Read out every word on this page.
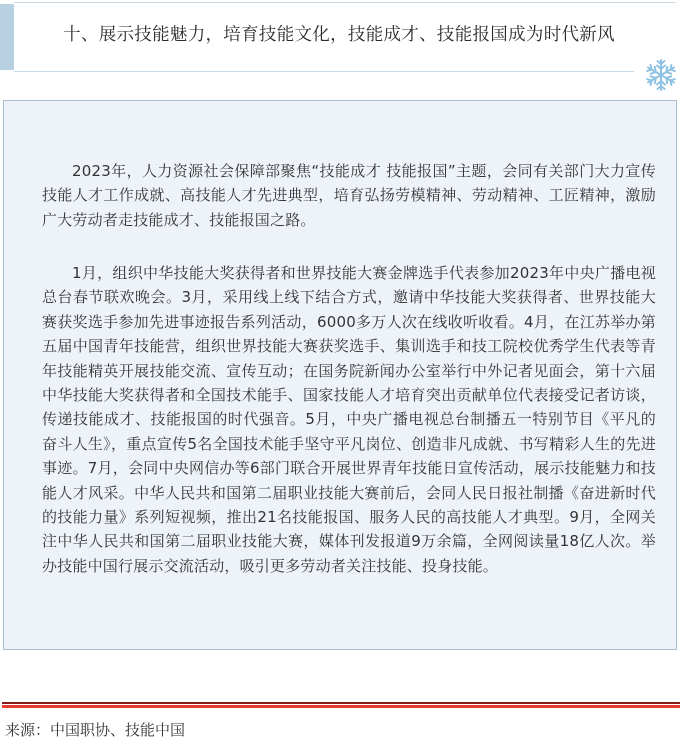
十、展示技能魅力，培育技能文化，技能成才、技能报国成为时代新风

2023年，人力资源社会保障部聚焦“技能成才 技能报国”主题，会同有关部门大力宣传技能人才工作成就、高技能人才先进典型，培育弘扬劳模精神、劳动精神、工匠精神，激励广大劳动者走技能成才、技能报国之路。

1月，组织中华技能大奖获得者和世界技能大赛金牌选手代表参加2023年中央广播电视总台春节联欢晚会。3月，采用线上线下结合方式，邀请中华技能大奖获得者、世界技能大赛获奖选手参加先进事迹报告系列活动，6000多万人次在线收听收看。4月，在江苏举办第五届中国青年技能营，组织世界技能大赛获奖选手、集训选手和技工院校优秀学生代表等青年技能精英开展技能交流、宣传互动；在国务院新闻办公室举行中外记者见面会，第十六届中华技能大奖获得者和全国技术能手、国家技能人才培育突出贡献单位代表接受记者访谈，传递技能成才、技能报国的时代强音。5月，中央广播电视总台制播五一特别节目《平凡的奋斗人生》，重点宣传5名全国技术能手坚守平凡岗位、创造非凡成就、书写精彩人生的先进事迹。7月，会同中央网信办等6部门联合开展世界青年技能日宣传活动，展示技能魅力和技能人才风采。中华人民共和国第二届职业技能大赛前后，会同人民日报社制播《奋进新时代的技能力量》系列短视频，推出21名技能报国、服务人民的高技能人才典型。9月，全网关注中华人民共和国第二届职业技能大赛，媒体刊发报道9万余篇，全网阅读量18亿人次。举办技能中国行展示交流活动，吸引更多劳动者关注技能、投身技能。

来源：中国职协、技能中国
